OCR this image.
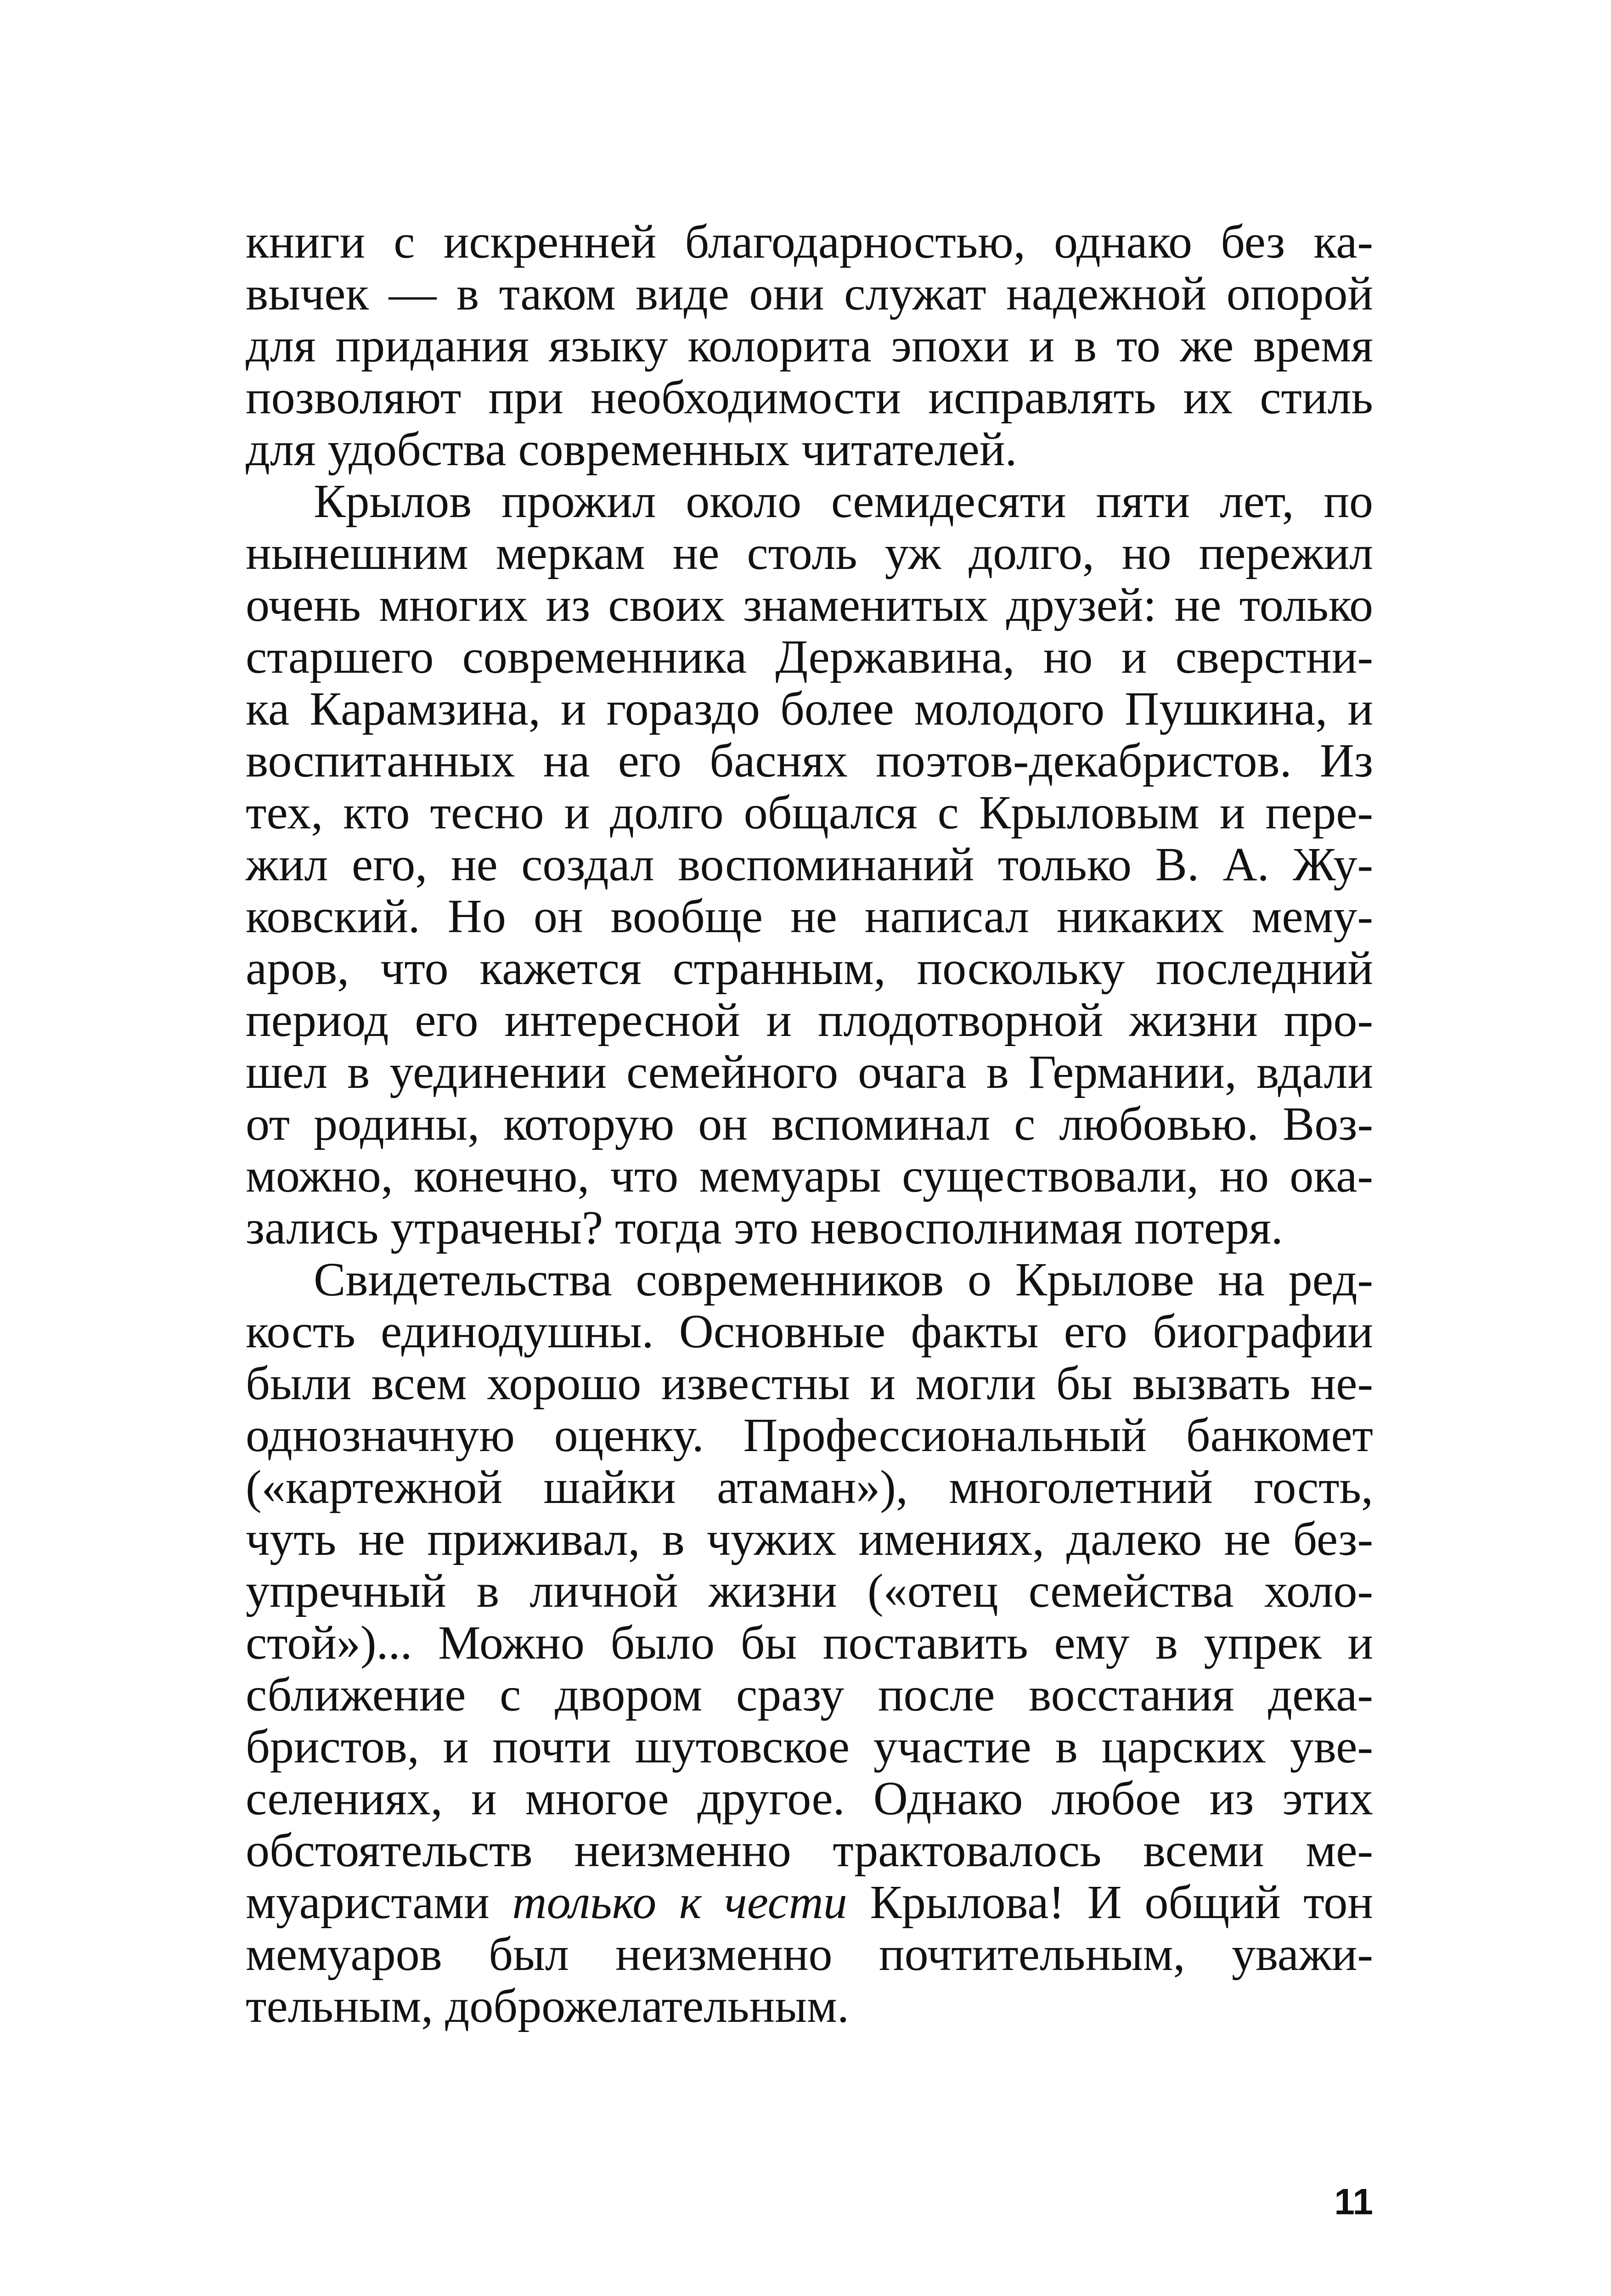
книги с искренней благодарностью, однако без ка-
вычек — в таком виде они служат надежной опорой
для придания языку колорита эпохи и в то же время
позволяют при необходимости исправлять их стиль
для удобства современных читателей.
Крылов прожил около семидесяти пяти лет, по
нынешним меркам не столь уж долго, но пережил
очень многих из своих знаменитых друзей: не только
старшего современника Державина, но и сверстни-
ка Карамзина, и гораздо более молодого Пушкина, и
воспитанных на его баснях поэтов-декабристов. Из
тех, кто тесно и долго общался с Крыловым и пере-
жил его, не создал воспоминаний только В. А. Жу-
ковский. Но он вообще не написал никаких мему-
аров, что кажется странным, поскольку последний
период его интересной и плодотворной жизни про-
шел в уединении семейного очага в Германии, вдали
от родины, которую он вспоминал с любовью. Воз-
можно, конечно, что мемуары существовали, но ока-
зались утрачены? тогда это невосполнимая потеря.
Свидетельства современников о Крылове на ред-
кость единодушны. Основные факты его биографии
были всем хорошо известны и могли бы вызвать не-
однозначную оценку. Профессиональный банкомет
(«картежной шайки атаман»), многолетний гость,
чуть не приживал, в чужих имениях, далеко не без-
упречный в личной жизни («отец семейства холо-
стой»)... Можно было бы поставить ему в упрек и
сближение с двором сразу после восстания дека-
бристов, и почти шутовское участие в царских уве-
селениях, и многое другое. Однако любое из этих
обстоятельств неизменно трактовалось всеми ме-
муаристами только к чести Крылова! И общий тон
мемуаров был неизменно почтительным, уважи-
тельным, доброжелательным.
11
